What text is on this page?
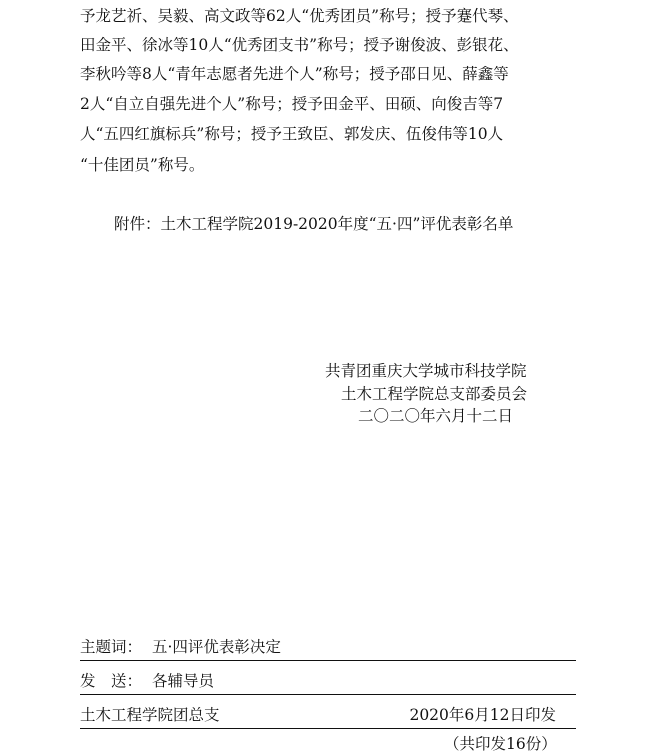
予龙艺祈、吴毅、高文政等62人“优秀团员”称号；授予蹇代琴、
田金平、徐冰等10人“优秀团支书”称号；授予谢俊波、彭银花、
李秋吟等8人“青年志愿者先进个人”称号；授予邵日见、薛鑫等
2人“自立自强先进个人”称号；授予田金平、田硕、向俊吉等7
人“五四红旗标兵”称号；授予王致臣、郭发庆、伍俊伟等10人
“十佳团员”称号。
附件：土木工程学院2019-2020年度“五·四”评优表彰名单
共青团重庆大学城市科技学院
土木工程学院总支部委员会
二〇二〇年六月十二日
主题词： 五·四评优表彰决定
发　送： 各辅导员
土木工程学院团总支	2020年6月12日印发
（共印发16份）
